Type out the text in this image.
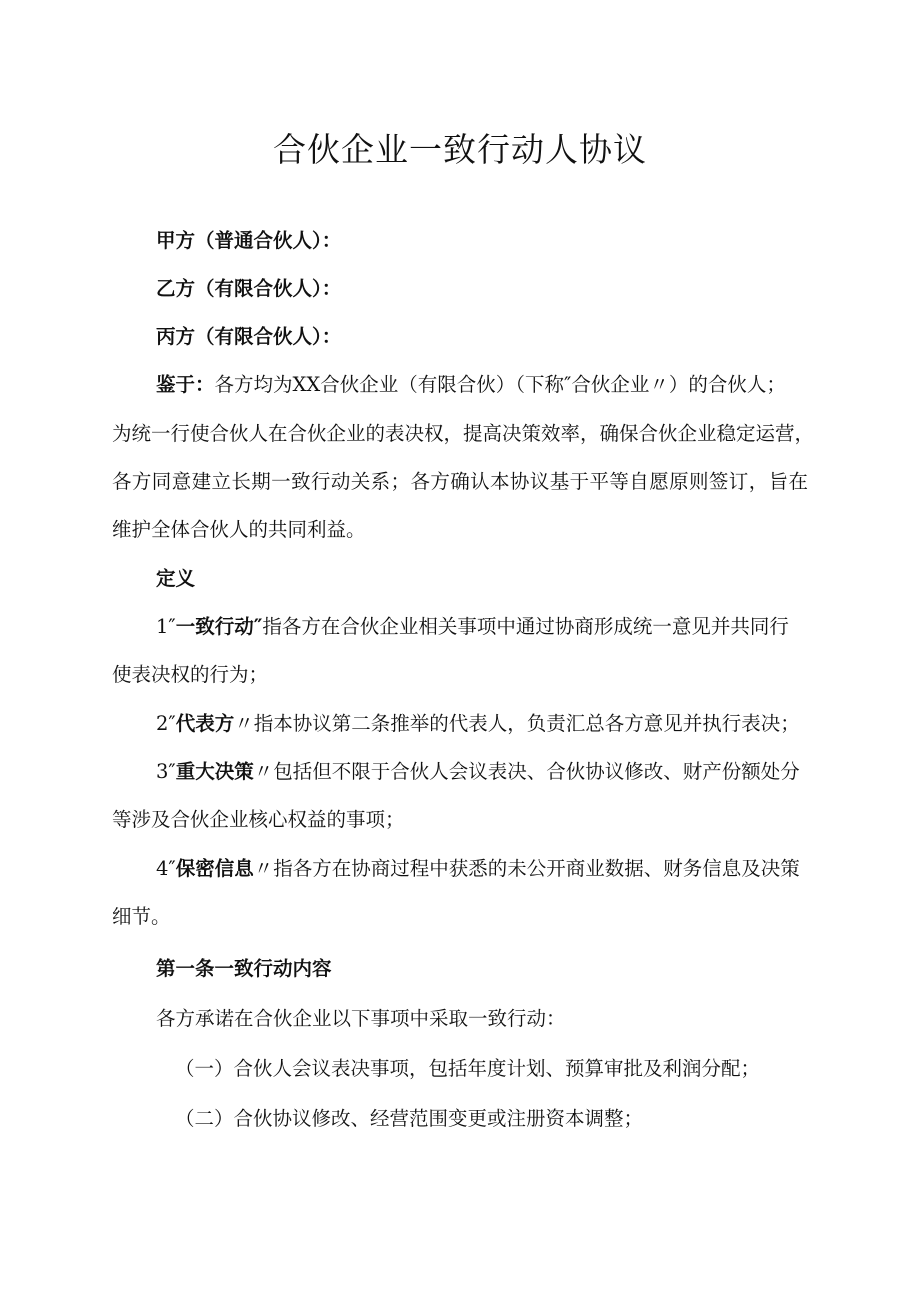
合伙企业一致行动人协议
甲方（普通合伙人）：
乙方（有限合伙人）：
丙方（有限合伙人）：
鉴于：各方均为XX合伙企业（有限合伙）（下称″合伙企业〃）的合伙人；
为统一行使合伙人在合伙企业的表决权，提高决策效率，确保合伙企业稳定运营，
各方同意建立长期一致行动关系；各方确认本协议基于平等自愿原则签订，旨在
维护全体合伙人的共同利益。
定义
1″一致行动″指各方在合伙企业相关事项中通过协商形成统一意见并共同行
使表决权的行为；
2″代表方〃指本协议第二条推举的代表人，负责汇总各方意见并执行表决；
3″重大决策〃包括但不限于合伙人会议表决、合伙协议修改、财产份额处分
等涉及合伙企业核心权益的事项；
4″保密信息〃指各方在协商过程中获悉的未公开商业数据、财务信息及决策
细节。
第一条一致行动内容
各方承诺在合伙企业以下事项中采取一致行动：
（一）合伙人会议表决事项，包括年度计划、预算审批及利润分配；
（二）合伙协议修改、经营范围变更或注册资本调整；
